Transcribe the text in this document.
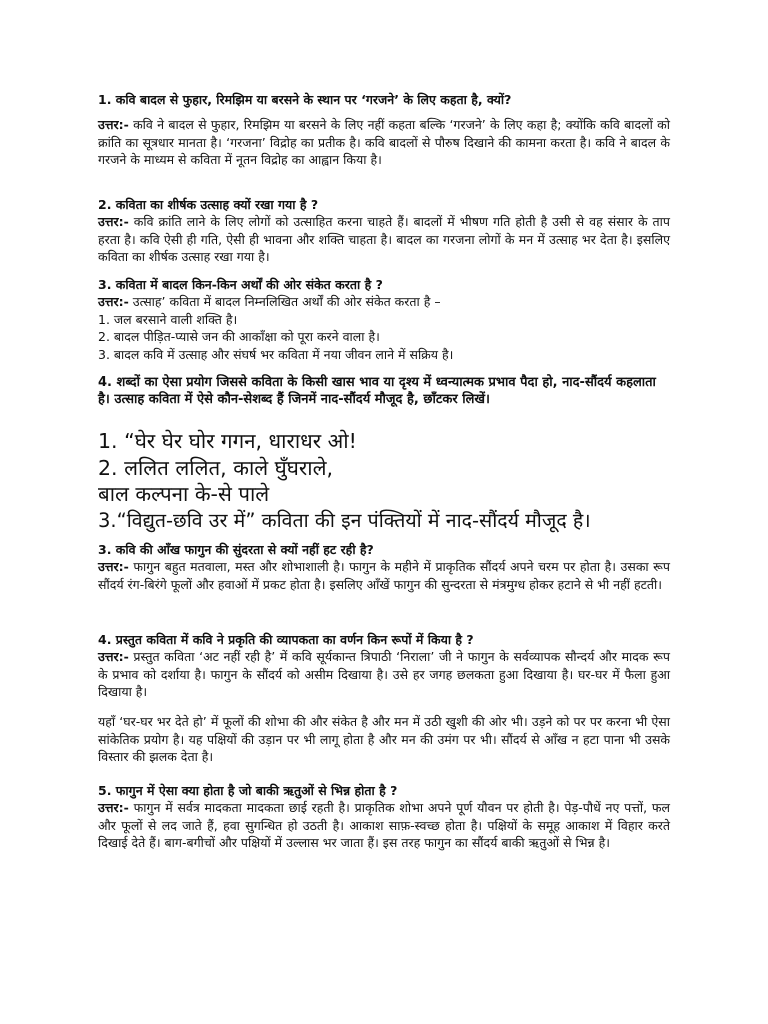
1. कवि बादल से फुहार, रिमझिम या बरसने के स्थान पर ‘गरजने’ के लिए कहता है, क्यों?

उत्तर:- कवि ने बादल से फुहार, रिमझिम या बरसने के लिए नहीं कहता बल्कि ‘गरजने’ के लिए कहा है; क्योंकि कवि बादलों को क्रांति का सूत्रधार मानता है। ‘गरजना’ विद्रोह का प्रतीक है। कवि बादलों से पौरुष दिखाने की कामना करता है। कवि ने बादल के गरजने के माध्यम से कविता में नूतन विद्रोह का आह्वान किया है।

2. कविता का शीर्षक उत्साह क्यों रखा गया है ?

उत्तर:- कवि क्रांति लाने के लिए लोगों को उत्साहित करना चाहते हैं। बादलों में भीषण गति होती है उसी से वह संसार के ताप हरता है। कवि ऐसी ही गति, ऐसी ही भावना और शक्ति चाहता है। बादल का गरजना लोगों के मन में उत्साह भर देता है। इसलिए कविता का शीर्षक उत्साह रखा गया है।

3. कविता में बादल किन-किन अर्थों की ओर संकेत करता है ?

उत्तर:- उत्साह’ कविता में बादल निम्नलिखित अर्थों की ओर संकेत करता है –
1. जल बरसाने वाली शक्ति है।
2. बादल पीड़ित-प्यासे जन की आकाँक्षा को पूरा करने वाला है।
3. बादल कवि में उत्साह और संघर्ष भर कविता में नया जीवन लाने में सक्रिय है।

4. शब्दों का ऐसा प्रयोग जिससे कविता के किसी खास भाव या दृश्य में ध्वन्यात्मक प्रभाव पैदा हो, नाद-सौंदर्य कहलाता है। उत्साह कविता में ऐसे कौन-सेशब्द हैं जिनमें नाद-सौंदर्य मौजूद है, छाँटकर लिखें।

1. “घेर घेर घोर गगन, धाराधर ओ!
2. ललित ललित, काले घुँघराले,
बाल कल्पना के-से पाले
3.“विद्युत-छवि उर में” कविता की इन पंक्तियों में नाद-सौंदर्य मौजूद है।

3. कवि की आँख फागुन की सुंदरता से क्यों नहीं हट रही है?

उत्तर:- फागुन बहुत मतवाला, मस्त और शोभाशाली है। फागुन के महीने में प्राकृतिक सौंदर्य अपने चरम पर होता है। उसका रूप सौंदर्य रंग-बिरंगे फूलों और हवाओं में प्रकट होता है। इसलिए आँखें फागुन की सुन्दरता से मंत्रमुग्ध होकर हटाने से भी नहीं हटती।

4. प्रस्तुत कविता में कवि ने प्रकृति की व्यापकता का वर्णन किन रूपों में किया है ?

उत्तर:- प्रस्तुत कविता ‘अट नहीं रही है’ में कवि सूर्यकान्त त्रिपाठी ‘निराला’ जी ने फागुन के सर्वव्यापक सौन्दर्य और मादक रूप के प्रभाव को दर्शाया है। फागुन के सौंदर्य को असीम दिखाया है। उसे हर जगह छलकता हुआ दिखाया है। घर-घर में फैला हुआ दिखाया है।

यहाँ ‘घर-घर भर देते हो’ में फूलों की शोभा की और संकेत है और मन में उठी खुशी की ओर भी। उड़ने को पर पर करना भी ऐसा सांकेतिक प्रयोग है। यह पक्षियों की उड़ान पर भी लागू होता है और मन की उमंग पर भी। सौंदर्य से आँख न हटा पाना भी उसके विस्तार की झलक देता है।

5. फागुन में ऐसा क्या होता है जो बाकी ऋतुओं से भिन्न होता है ?

उत्तर:- फागुन में सर्वत्र मादकता मादकता छाई रहती है। प्राकृतिक शोभा अपने पूर्ण यौवन पर होती है। पेड़-पौधें नए पत्तों, फल और फूलों से लद जाते हैं, हवा सुगन्धित हो उठती है। आकाश साफ़-स्वच्छ होता है। पक्षियों के समूह आकाश में विहार करते दिखाई देते हैं। बाग-बगीचों और पक्षियों में उल्लास भर जाता हैं। इस तरह फागुन का सौंदर्य बाकी ऋतुओं से भिन्न है।
